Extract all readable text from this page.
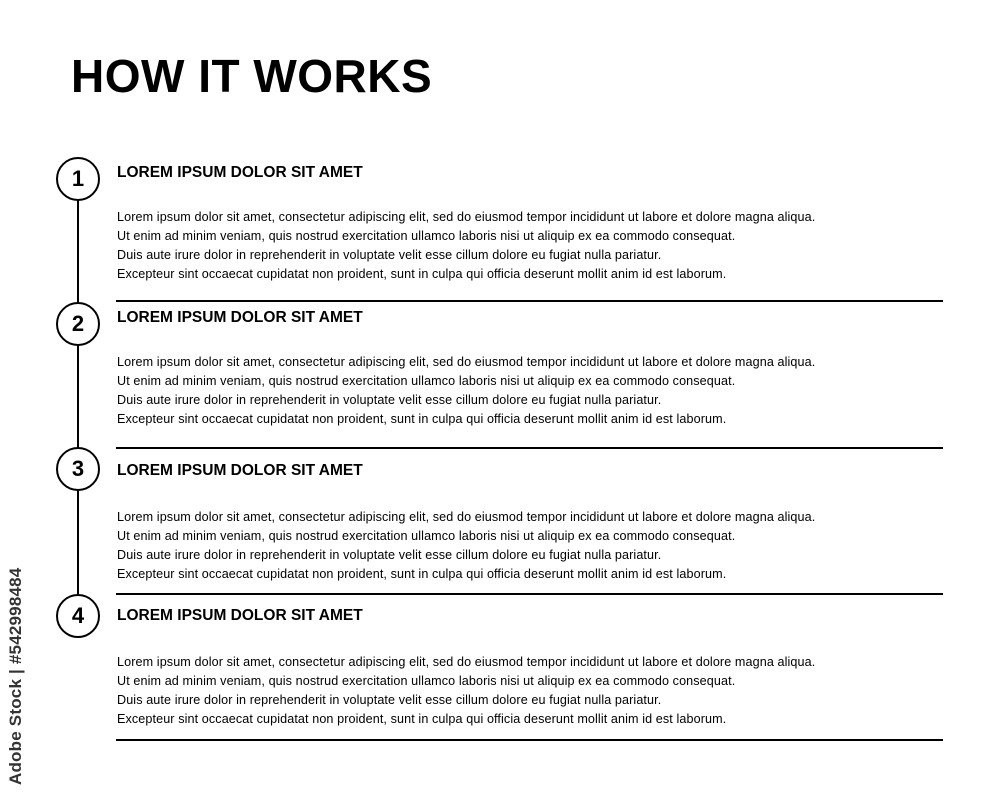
HOW IT WORKS
1	LOREM IPSUM DOLOR SIT AMET

Lorem ipsum dolor sit amet, consectetur adipiscing elit, sed do eiusmod tempor incididunt ut labore et dolore magna aliqua.
Ut enim ad minim veniam, quis nostrud exercitation ullamco laboris nisi ut aliquip ex ea commodo consequat.
Duis aute irure dolor in reprehenderit in voluptate velit esse cillum dolore eu fugiat nulla pariatur.
Excepteur sint occaecat cupidatat non proident, sunt in culpa qui officia deserunt mollit anim id est laborum.

2	LOREM IPSUM DOLOR SIT AMET

Lorem ipsum dolor sit amet, consectetur adipiscing elit, sed do eiusmod tempor incididunt ut labore et dolore magna aliqua.
Ut enim ad minim veniam, quis nostrud exercitation ullamco laboris nisi ut aliquip ex ea commodo consequat.
Duis aute irure dolor in reprehenderit in voluptate velit esse cillum dolore eu fugiat nulla pariatur.
Excepteur sint occaecat cupidatat non proident, sunt in culpa qui officia deserunt mollit anim id est laborum.

3	LOREM IPSUM DOLOR SIT AMET

Lorem ipsum dolor sit amet, consectetur adipiscing elit, sed do eiusmod tempor incididunt ut labore et dolore magna aliqua.
Ut enim ad minim veniam, quis nostrud exercitation ullamco laboris nisi ut aliquip ex ea commodo consequat.
Duis aute irure dolor in reprehenderit in voluptate velit esse cillum dolore eu fugiat nulla pariatur.
Excepteur sint occaecat cupidatat non proident, sunt in culpa qui officia deserunt mollit anim id est laborum.

4	LOREM IPSUM DOLOR SIT AMET

Lorem ipsum dolor sit amet, consectetur adipiscing elit, sed do eiusmod tempor incididunt ut labore et dolore magna aliqua.
Ut enim ad minim veniam, quis nostrud exercitation ullamco laboris nisi ut aliquip ex ea commodo consequat.
Duis aute irure dolor in reprehenderit in voluptate velit esse cillum dolore eu fugiat nulla pariatur.
Excepteur sint occaecat cupidatat non proident, sunt in culpa qui officia deserunt mollit anim id est laborum.

Adobe Stock | #542998484
